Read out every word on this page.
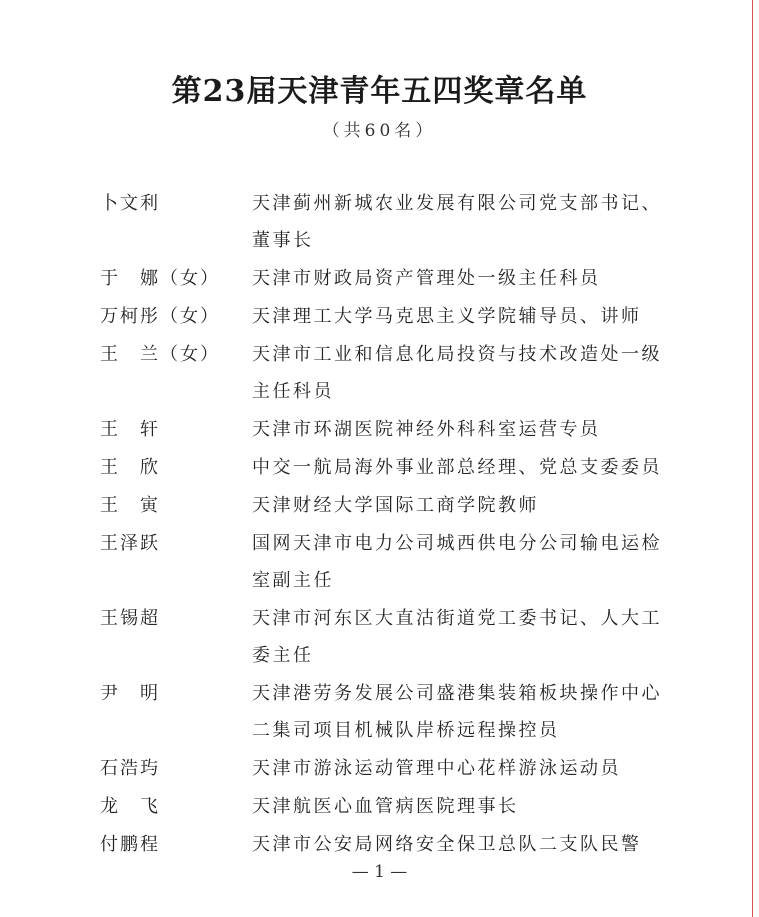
第23届天津青年五四奖章名单
（共60名）
卜文利	天津蓟州新城农业发展有限公司党支部书记、董事长
于　娜（女）	天津市财政局资产管理处一级主任科员
万柯彤（女）	天津理工大学马克思主义学院辅导员、讲师
王　兰（女）	天津市工业和信息化局投资与技术改造处一级主任科员
王　轩	天津市环湖医院神经外科科室运营专员
王　欣	中交一航局海外事业部总经理、党总支委委员
王　寅	天津财经大学国际工商学院教师
王泽跃	国网天津市电力公司城西供电分公司输电运检室副主任
王锡超	天津市河东区大直沽街道党工委书记、人大工委主任
尹　明	天津港劳务发展公司盛港集装箱板块操作中心二集司项目机械队岸桥远程操控员
石浩玙	天津市游泳运动管理中心花样游泳运动员
龙　飞	天津航医心血管病医院理事长
付鹏程	天津市公安局网络安全保卫总队二支队民警
— 1 —
